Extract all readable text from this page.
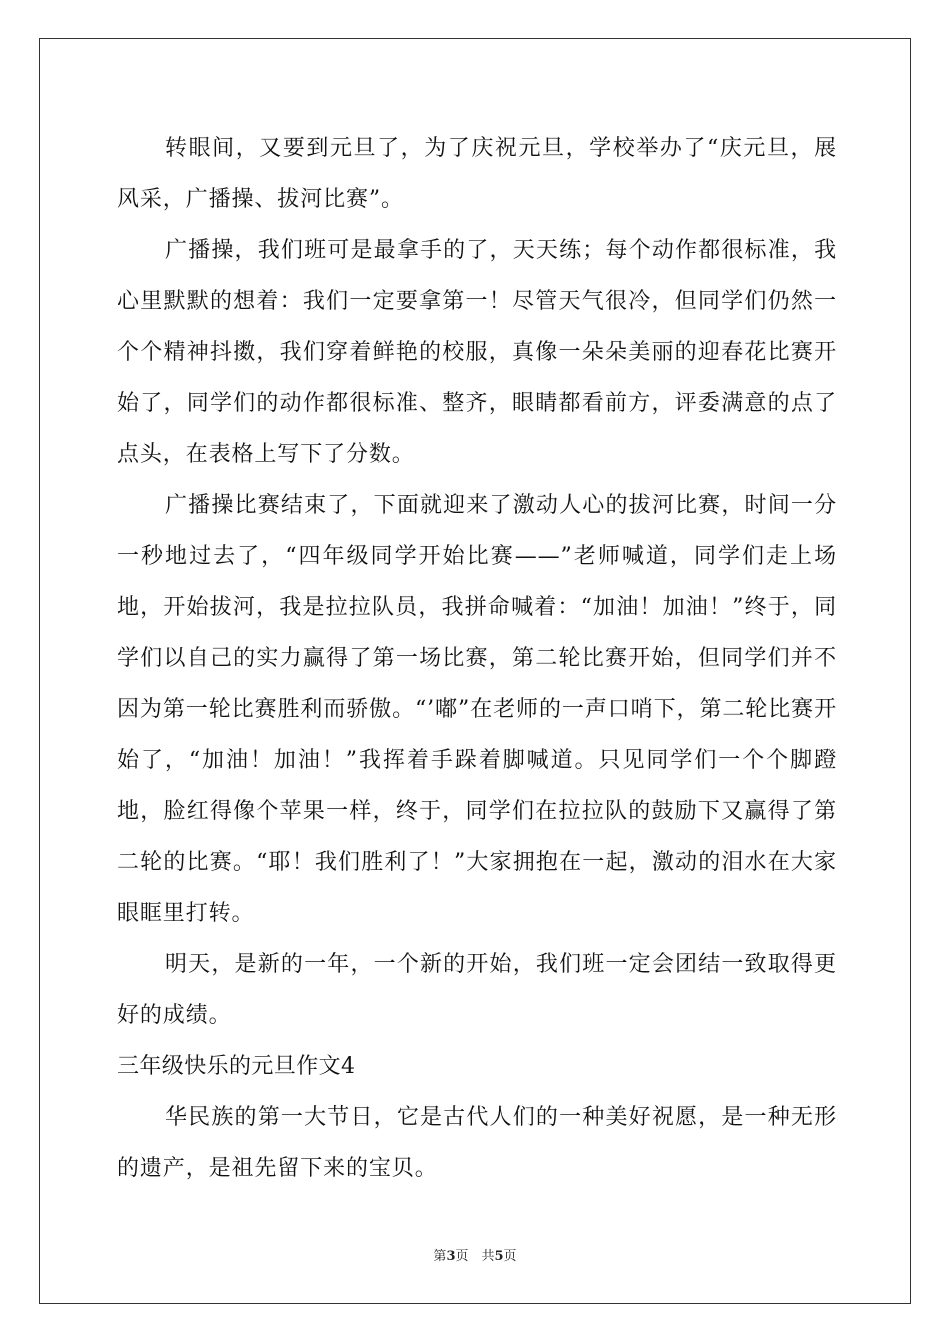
转眼间，又要到元旦了，为了庆祝元旦，学校举办了“庆元旦，展风采，广播操、拔河比赛”。

广播操，我们班可是最拿手的了，天天练；每个动作都很标准，我心里默默的想着：我们一定要拿第一！尽管天气很冷，但同学们仍然一个个精神抖擞，我们穿着鲜艳的校服，真像一朵朵美丽的迎春花比赛开始了，同学们的动作都很标准、整齐，眼睛都看前方，评委满意的点了点头，在表格上写下了分数。

广播操比赛结束了，下面就迎来了激动人心的拔河比赛，时间一分一秒地过去了，“四年级同学开始比赛——”老师喊道，同学们走上场地，开始拔河，我是拉拉队员，我拼命喊着：“加油！加油！”终于，同学们以自己的实力赢得了第一场比赛，第二轮比赛开始，但同学们并不因为第一轮比赛胜利而骄傲。“’嘟”在老师的一声口哨下，第二轮比赛开始了，“加油！加油！”我挥着手跺着脚喊道。只见同学们一个个脚蹬地，脸红得像个苹果一样，终于，同学们在拉拉队的鼓励下又赢得了第二轮的比赛。“耶！我们胜利了！”大家拥抱在一起，激动的泪水在大家眼眶里打转。

明天，是新的一年，一个新的开始，我们班一定会团结一致取得更好的成绩。

三年级快乐的元旦作文4

华民族的第一大节日，它是古代人们的一种美好祝愿，是一种无形的遗产，是祖先留下来的宝贝。

第3页　共5页
